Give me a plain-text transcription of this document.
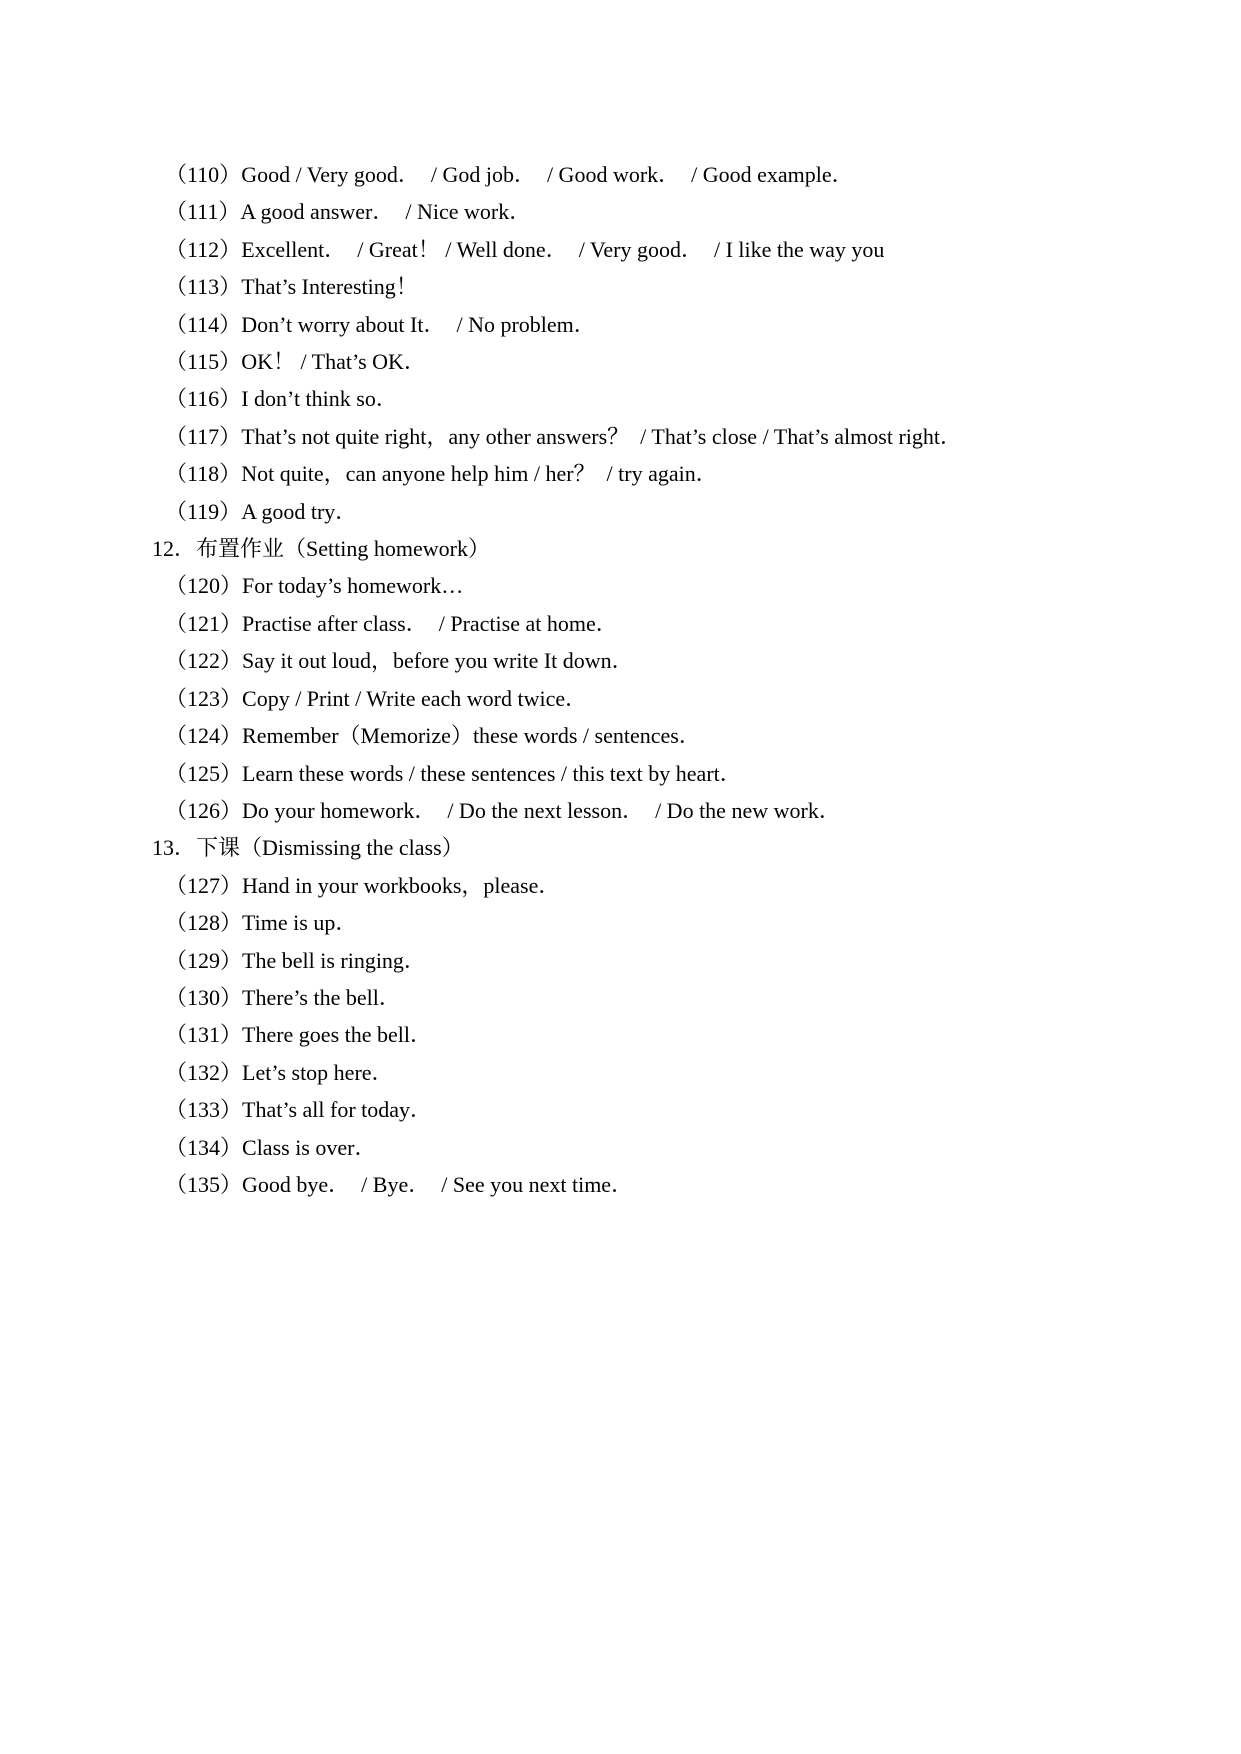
（110）Good / Very good．  / God job．  / Good work．  / Good example．

（111）A good answer．  / Nice work．

（112）Excellent．  / Great！ / Well done．  / Very good．  / I like the way you

（113）That’s Interesting！

（114）Don’t worry about It．  / No problem．

（115）OK！ / That’s OK．

（116）I don’t think so．

（117）That’s not quite right，any other answers？  / That’s close / That’s almost right．

（118）Not quite，can anyone help him / her？  / try again．

（119）A good try．

12．布置作业（Setting homework）

（120）For today’s homework…

（121）Practise after class．  / Practise at home．

（122）Say it out loud，before you write It down．

（123）Copy / Print / Write each word twice．

（124）Remember（Memorize）these words / sentences．

（125）Learn these words / these sentences / this text by heart．

（126）Do your homework．  / Do the next lesson．  / Do the new work．

13．下课（Dismissing the class）

（127）Hand in your workbooks，please．

（128）Time is up．

（129）The bell is ringing．

（130）There’s the bell．

（131）There goes the bell．

（132）Let’s stop here．

（133）That’s all for today．

（134）Class is over．

（135）Good bye．  / Bye．  / See you next time．
